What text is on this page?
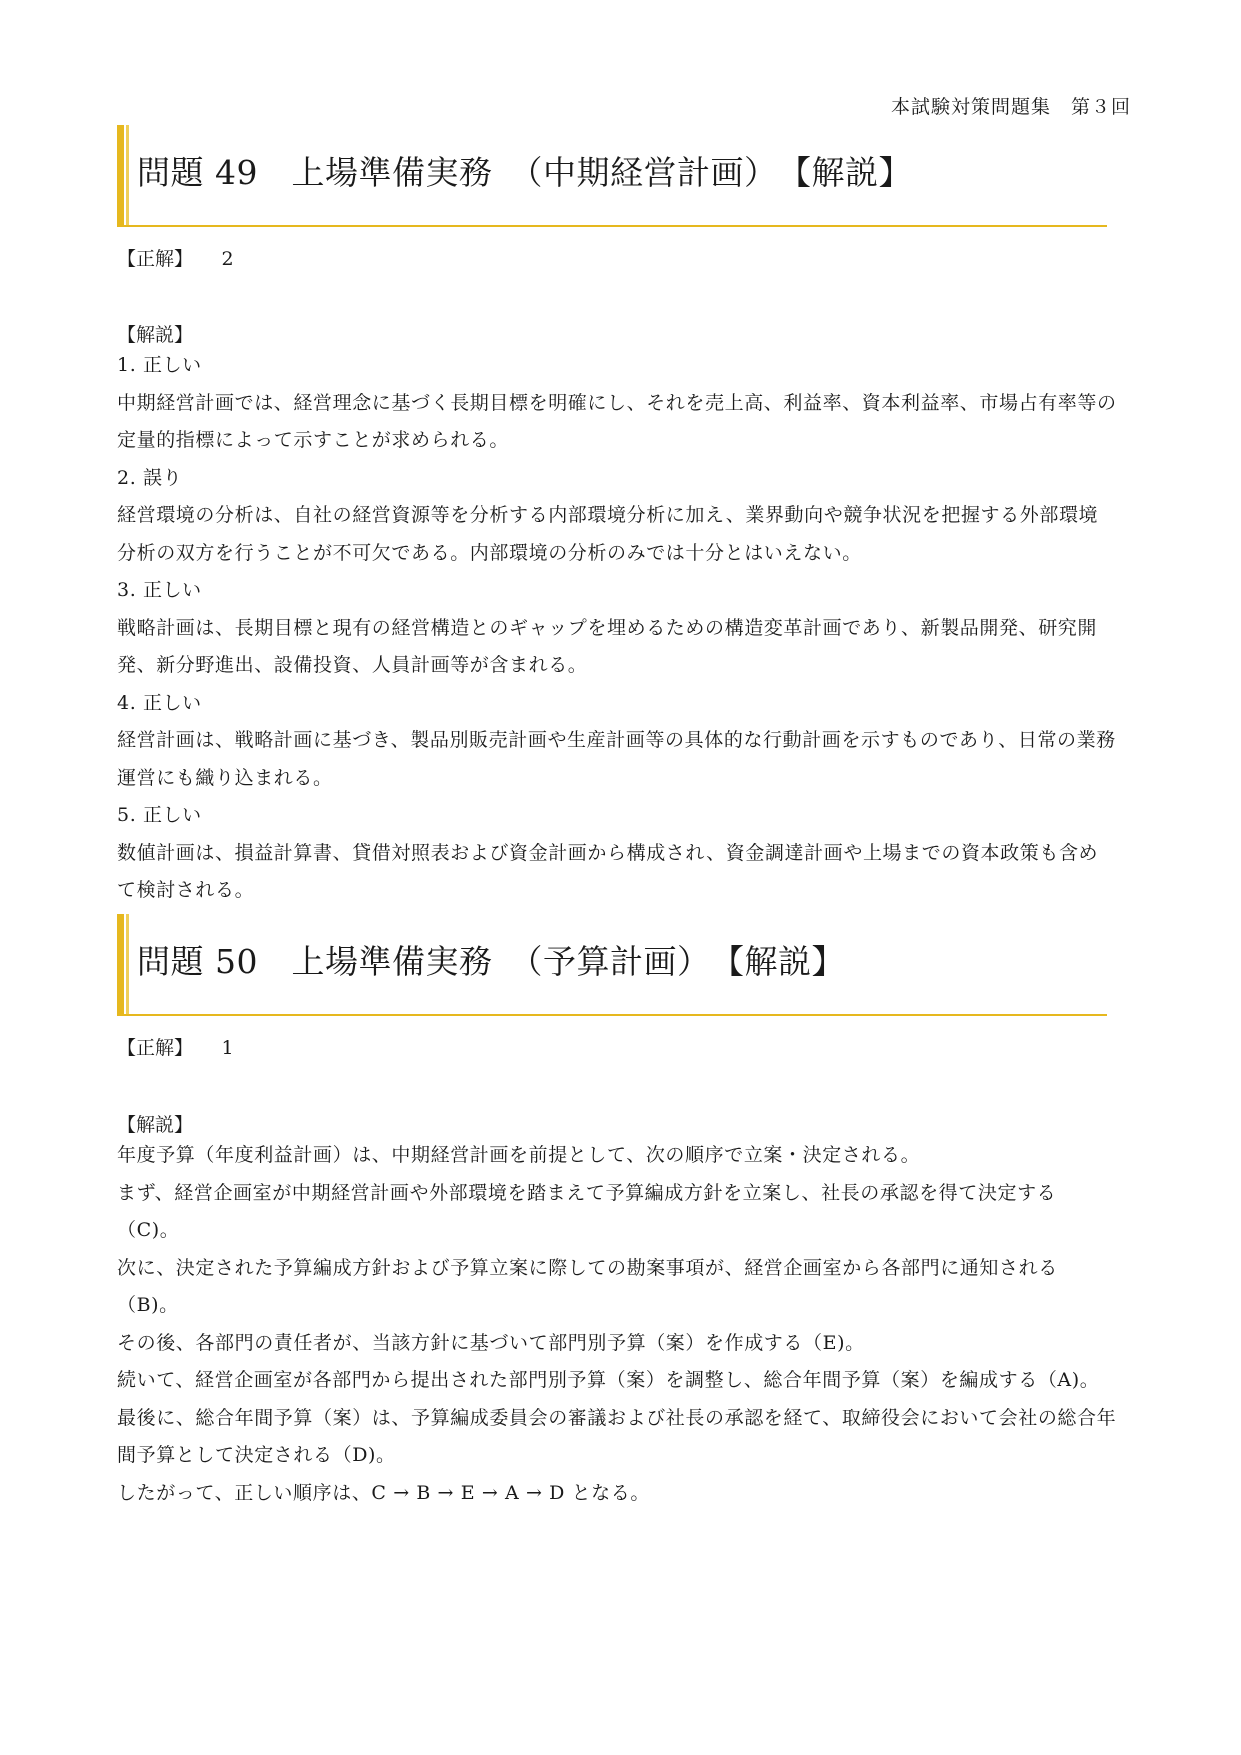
本試験対策問題集　第３回
問題 49　上場準備実務　（中期経営計画）　【解説】
【正解】　　 2
【解説】

1. 正しい

中期経営計画では、経営理念に基づく長期目標を明確にし、それを売上高、利益率、資本利益率、市場占有率等の定量的指標によって示すことが求められる。

2. 誤り

経営環境の分析は、自社の経営資源等を分析する内部環境分析に加え、業界動向や競争状況を把握する外部環境分析の双方を行うことが不可欠である。内部環境の分析のみでは十分とはいえない。

3. 正しい

戦略計画は、長期目標と現有の経営構造とのギャップを埋めるための構造変革計画であり、新製品開発、研究開発、新分野進出、設備投資、人員計画等が含まれる。

4. 正しい

経営計画は、戦略計画に基づき、製品別販売計画や生産計画等の具体的な行動計画を示すものであり、日常の業務運営にも織り込まれる。

5. 正しい

数値計画は、損益計算書、貸借対照表および資金計画から構成され、資金調達計画や上場までの資本政策も含めて検討される。

問題 50　上場準備実務　（予算計画）　【解説】
【正解】　　 1
【解説】

年度予算（年度利益計画）は、中期経営計画を前提として、次の順序で立案・決定される。

まず、経営企画室が中期経営計画や外部環境を踏まえて予算編成方針を立案し、社長の承認を得て決定する（C)。

次に、決定された予算編成方針および予算立案に際しての勘案事項が、経営企画室から各部門に通知される（B)。

その後、各部門の責任者が、当該方針に基づいて部門別予算（案）を作成する（E)。

続いて、経営企画室が各部門から提出された部門別予算（案）を調整し、総合年間予算（案）を編成する（A)。

最後に、総合年間予算（案）は、予算編成委員会の審議および社長の承認を経て、取締役会において会社の総合年間予算として決定される（D)。

したがって、正しい順序は、C → B → E → A → D となる。
